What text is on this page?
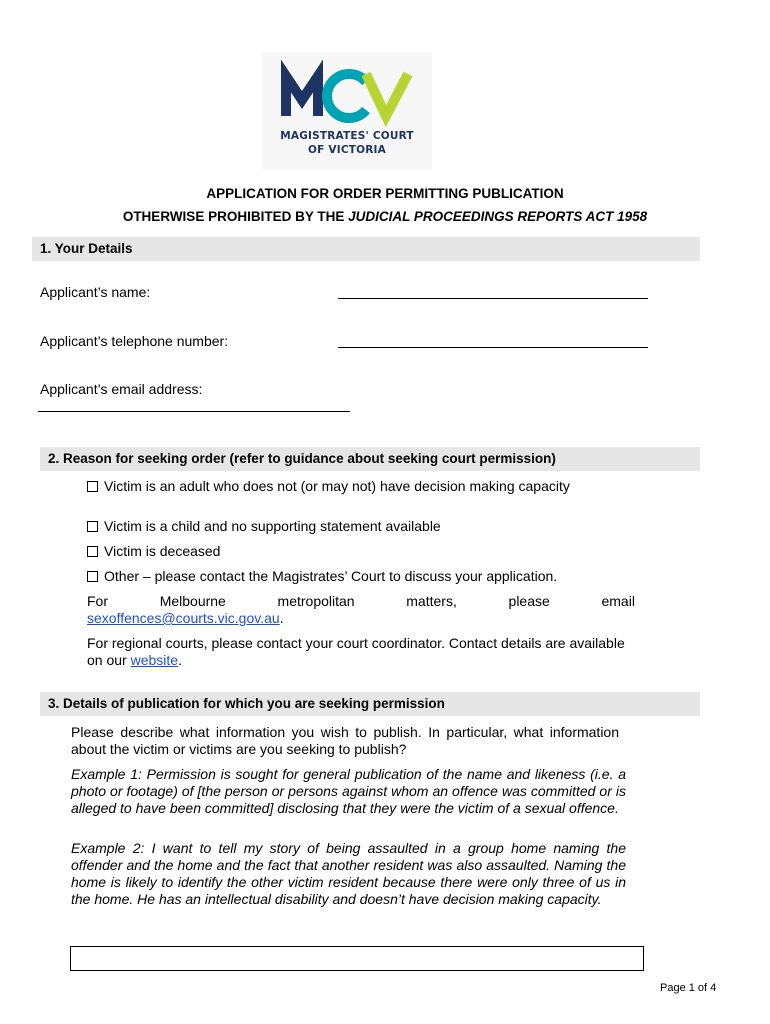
MAGISTRATES' COURT
OF VICTORIA
APPLICATION FOR ORDER PERMITTING PUBLICATION
OTHERWISE PROHIBITED BY THE JUDICIAL PROCEEDINGS REPORTS ACT 1958
1. Your Details
Applicant’s name:
Applicant’s telephone number:
Applicant’s email address:
2. Reason for seeking order (refer to guidance about seeking court permission)
Victim is an adult who does not (or may not) have decision making capacity
Victim is a child and no supporting statement available
Victim is deceased
Other – please contact the Magistrates’ Court to discuss your application.
For	Melbourne	metropolitan	matters,	please	email
sexoffences@courts.vic.gov.au.
For regional courts, please contact your court coordinator. Contact details are available on our website.
3. Details of publication for which you are seeking permission
Please describe what information you wish to publish. In particular, what information about the victim or victims are you seeking to publish?
Example 1: Permission is sought for general publication of the name and likeness (i.e. a photo or footage) of [the person or persons against whom an offence was committed or is alleged to have been committed] disclosing that they were the victim of a sexual offence.
Example 2: I want to tell my story of being assaulted in a group home naming the offender and the home and the fact that another resident was also assaulted. Naming the home is likely to identify the other victim resident because there were only three of us in the home. He has an intellectual disability and doesn’t have decision making capacity.
Page 1 of 4
